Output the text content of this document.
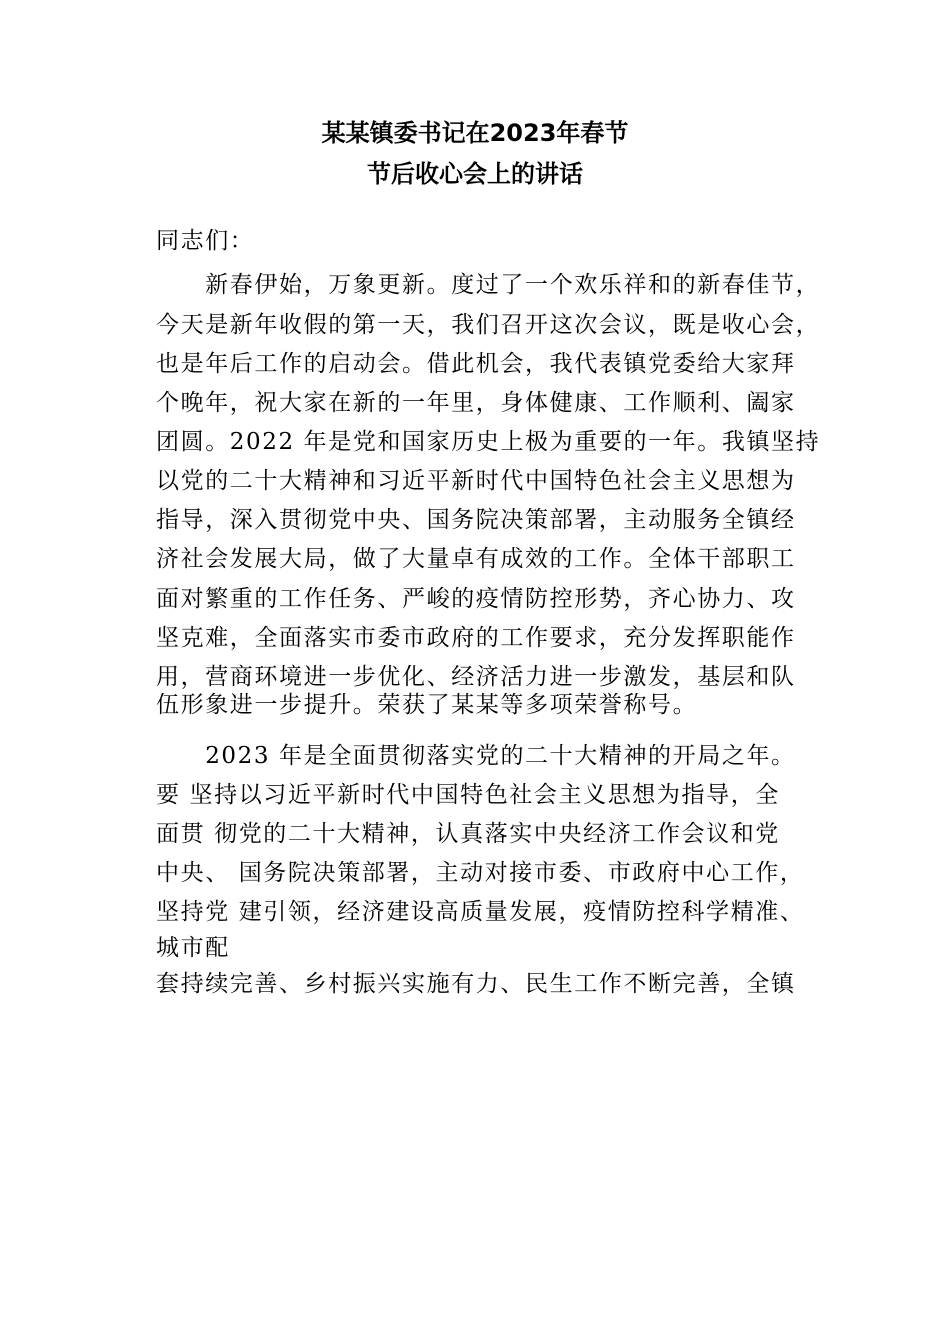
某某镇委书记在2023年春节
节后收心会上的讲话
同志们：
　　新春伊始，万象更新。度过了一个欢乐祥和的新春佳节，
今天是新年收假的第一天，我们召开这次会议，既是收心会，
也是年后工作的启动会。借此机会，我代表镇党委给大家拜
个晚年，祝大家在新的一年里，身体健康、工作顺利、阖家
团圆。2022 年是党和国家历史上极为重要的一年。我镇坚持
以党的二十大精神和习近平新时代中国特色社会主义思想为
指导，深入贯彻党中央、国务院决策部署，主动服务全镇经
济社会发展大局，做了大量卓有成效的工作。全体干部职工
面对繁重的工作任务、严峻的疫情防控形势，齐心协力、攻
坚克难，全面落实市委市政府的工作要求，充分发挥职能作
用，营商环境进一步优化、经济活力进一步激发，基层和队
伍形象进一步提升。荣获了某某等多项荣誉称号。
　　2023 年是全面贯彻落实党的二十大精神的开局之年。
要 坚持以习近平新时代中国特色社会主义思想为指导，全
面贯 彻党的二十大精神，认真落实中央经济工作会议和党
中央、 国务院决策部署，主动对接市委、市政府中心工作，
坚持党 建引领，经济建设高质量发展，疫情防控科学精准、
城市配
套持续完善、乡村振兴实施有力、民生工作不断完善，全镇
